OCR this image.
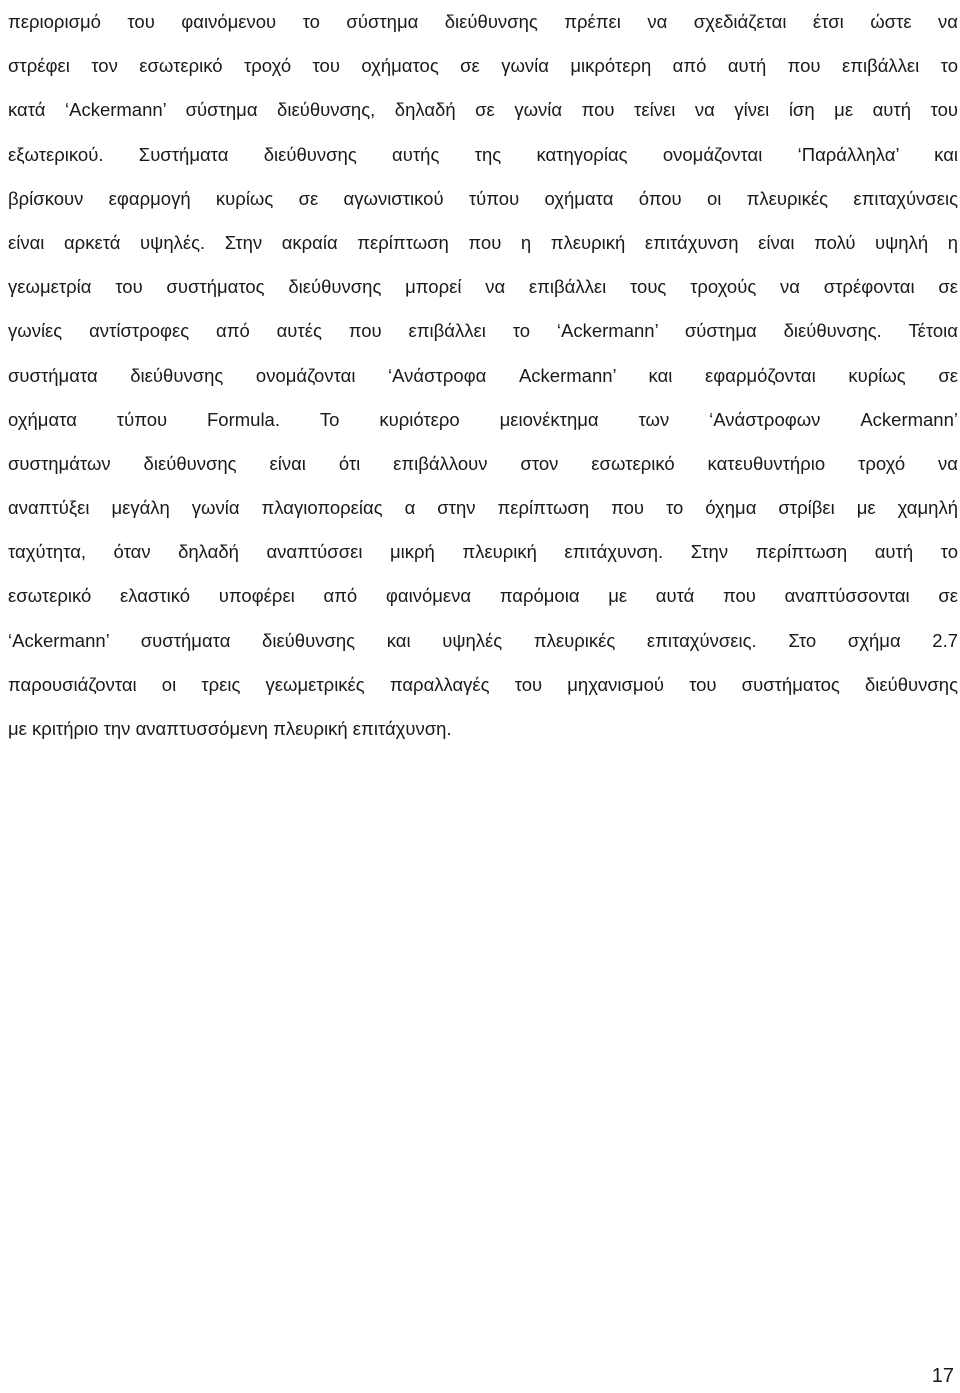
περιορισμό του φαινόμενου το σύστημα διεύθυνσης πρέπει να σχεδιάζεται έτσι ώστε να
στρέφει τον εσωτερικό τροχό του οχήματος σε γωνία μικρότερη από αυτή που επιβάλλει το
κατά ‘Ackermann’ σύστημα διεύθυνσης, δηλαδή σε γωνία που τείνει να γίνει ίση με αυτή του
εξωτερικού. Συστήματα διεύθυνσης αυτής της κατηγορίας ονομάζονται ‘Παράλληλα’ και
βρίσκουν εφαρμογή κυρίως σε αγωνιστικού τύπου οχήματα όπου οι πλευρικές επιταχύνσεις
είναι αρκετά υψηλές. Στην ακραία περίπτωση που η πλευρική επιτάχυνση είναι πολύ υψηλή η
γεωμετρία του συστήματος διεύθυνσης μπορεί να επιβάλλει τους τροχούς να στρέφονται σε
γωνίες αντίστροφες από αυτές που επιβάλλει το ‘Ackermann’ σύστημα διεύθυνσης. Τέτοια
συστήματα διεύθυνσης ονομάζονται ‘Ανάστροφα Ackermann’ και εφαρμόζονται κυρίως σε
οχήματα τύπου Formula. Το κυριότερο μειονέκτημα των ‘Ανάστροφων Ackermann’
συστημάτων διεύθυνσης είναι ότι επιβάλλουν στον εσωτερικό κατευθυντήριο τροχό να
αναπτύξει μεγάλη γωνία πλαγιοπορείας α στην περίπτωση που το όχημα στρίβει με χαμηλή
ταχύτητα, όταν δηλαδή αναπτύσσει μικρή πλευρική επιτάχυνση. Στην περίπτωση αυτή το
εσωτερικό ελαστικό υποφέρει από φαινόμενα παρόμοια με αυτά που αναπτύσσονται σε
‘Ackermann’ συστήματα διεύθυνσης και υψηλές πλευρικές επιταχύνσεις. Στο σχήμα 2.7
παρουσιάζονται οι τρεις γεωμετρικές παραλλαγές του μηχανισμού του συστήματος διεύθυνσης
με κριτήριο την αναπτυσσόμενη πλευρική επιτάχυνση.
17
